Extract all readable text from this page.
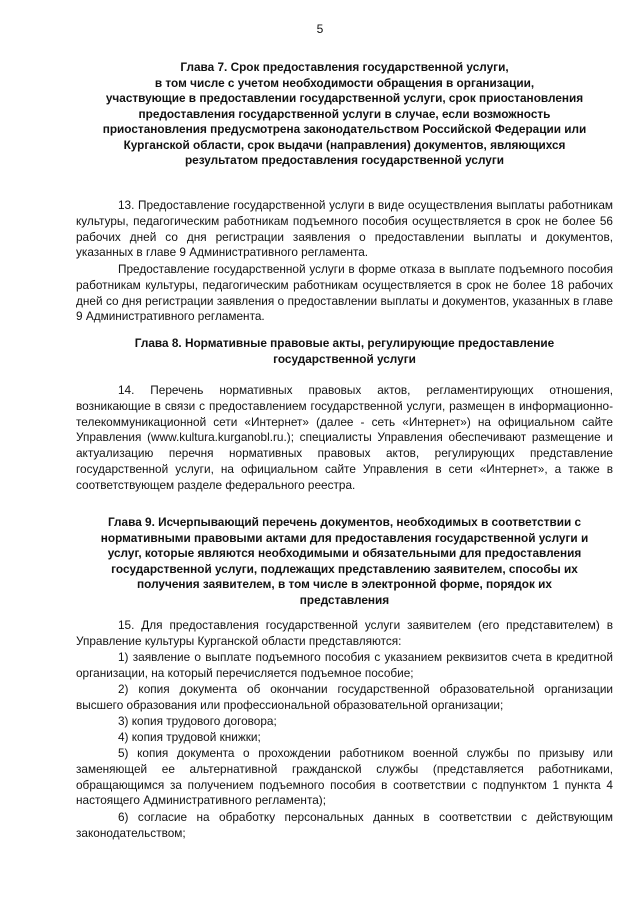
5
Глава 7. Срок предоставления государственной услуги,
в том числе с учетом необходимости обращения в организации,
участвующие в предоставлении государственной услуги, срок приостановления
предоставления государственной услуги в случае, если возможность
приостановления предусмотрена законодательством Российской Федерации или
Курганской области, срок выдачи (направления) документов, являющихся
результатом предоставления государственной услуги

13. Предоставление государственной услуги в виде осуществления выплаты работникам культуры, педагогическим работникам подъемного пособия осуществляется в срок не более 56 рабочих дней со дня регистрации заявления о предоставлении выплаты и документов, указанных в главе 9 Административного регламента.

Предоставление государственной услуги в форме отказа в выплате подъемного пособия работникам культуры, педагогическим работникам осуществляется в срок не более 18 рабочих дней со дня регистрации заявления о предоставлении выплаты и документов, указанных в главе 9 Административного регламента.

Глава 8. Нормативные правовые акты, регулирующие предоставление
государственной услуги

14. Перечень нормативных правовых актов, регламентирующих отношения, возникающие в связи с предоставлением государственной услуги, размещен в информационно-телекоммуникационной сети «Интернет» (далее - сеть «Интернет») на официальном сайте Управления (www.kultura.kurganobl.ru.); специалисты Управления обеспечивают размещение и актуализацию перечня нормативных правовых актов, регулирующих представление государственной услуги, на официальном сайте Управления в сети «Интернет», а также в соответствующем разделе федерального реестра.

Глава 9. Исчерпывающий перечень документов, необходимых в соответствии с
нормативными правовыми актами для предоставления государственной услуги и
услуг, которые являются необходимыми и обязательными для предоставления
государственной услуги, подлежащих представлению заявителем, способы их
получения заявителем, в том числе в электронной форме, порядок их
представления

15. Для предоставления государственной услуги заявителем (его представителем) в Управление культуры Курганской области представляются:

1) заявление о выплате подъемного пособия с указанием реквизитов счета в кредитной организации, на который перечисляется подъемное пособие;

2) копия документа об окончании государственной образовательной организации высшего образования или профессиональной образовательной организации;

3) копия трудового договора;

4) копия трудовой книжки;

5) копия документа о прохождении работником военной службы по призыву или заменяющей ее альтернативной гражданской службы (представляется работниками, обращающимся за получением подъемного пособия в соответствии с подпунктом 1 пункта 4 настоящего Административного регламента);

6) согласие на обработку персональных данных в соответствии с действующим законодательством;
